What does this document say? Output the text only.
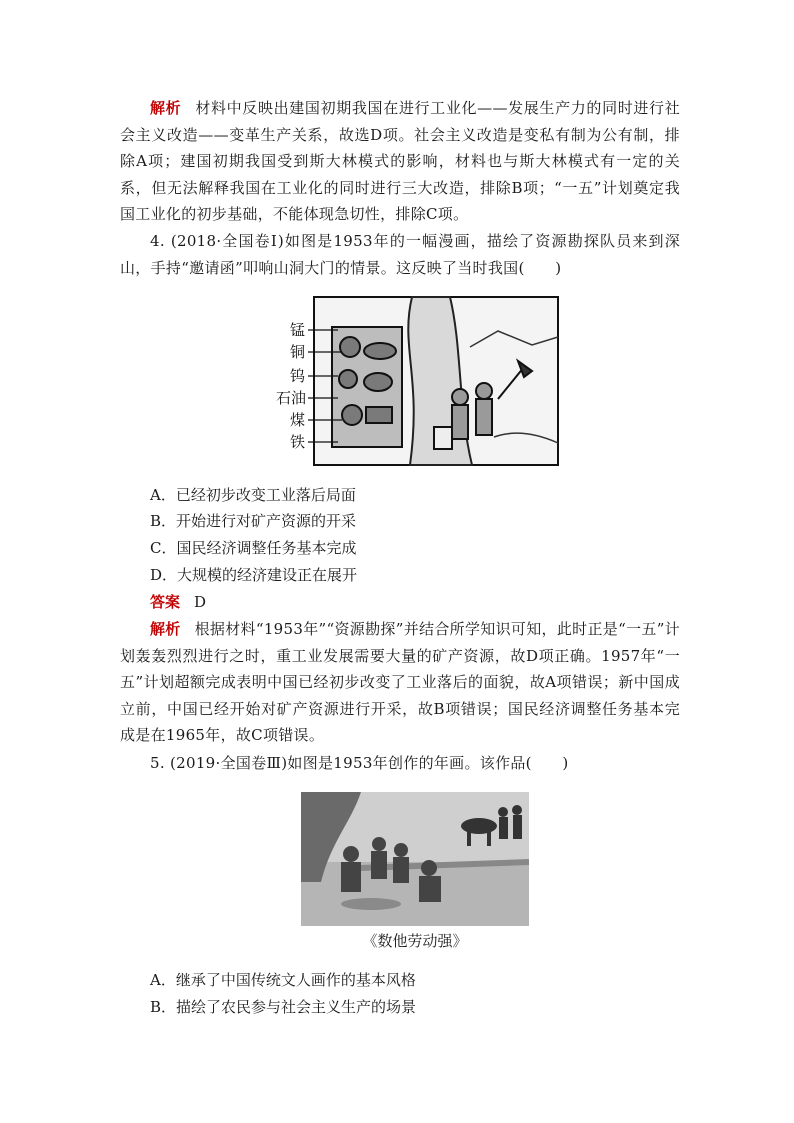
解析 材料中反映出建国初期我国在进行工业化——发展生产力的同时进行社会主义改造——变革生产关系，故选D项。社会主义改造是变私有制为公有制，排除A项；建国初期我国受到斯大林模式的影响，材料也与斯大林模式有一定的关系，但无法解释我国在工业化的同时进行三大改造，排除B项；“一五”计划奠定我国工业化的初步基础，不能体现急切性，排除C项。

4. (2018·全国卷Ⅰ)如图是1953年的一幅漫画，描绘了资源勘探队员来到深山，手持“邀请函”叩响山洞大门的情景。这反映了当时我国(　　)

锰
铜
钨
石油
煤
铁

A．已经初步改变工业落后局面

B．开始进行对矿产资源的开采

C．国民经济调整任务基本完成

D．大规模的经济建设正在展开

答案 D

解析 根据材料“1953年”“资源勘探”并结合所学知识可知，此时正是“一五”计划轰轰烈烈进行之时，重工业发展需要大量的矿产资源，故D项正确。1957年“一五”计划超额完成表明中国已经初步改变了工业落后的面貌，故A项错误；新中国成立前，中国已经开始对矿产资源进行开采，故B项错误；国民经济调整任务基本完成是在1965年，故C项错误。

5. (2019·全国卷Ⅲ)如图是1953年创作的年画。该作品(　　)

《数他劳动强》

A．继承了中国传统文人画作的基本风格

B．描绘了农民参与社会主义生产的场景
